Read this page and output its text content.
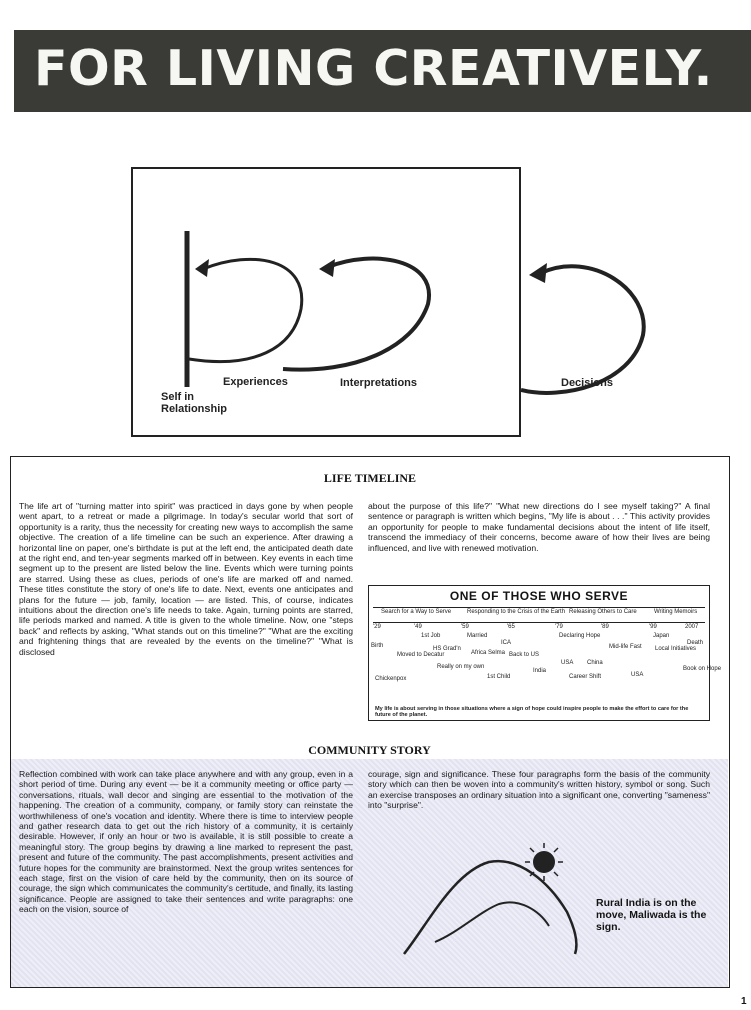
FOR LIVING CREATIVELY.
Self in
Relationship
Experiences	Interpretations	Decisions
LIFE TIMELINE
The life art of "turning matter into spirit" was practiced in days gone by when people went apart, to a retreat or made a pilgrimage. In today's secular world that sort of opportunity is a rarity, thus the necessity for creating new ways to accomplish the same objective. The creation of a life timeline can be such an experience. After drawing a horizontal line on paper, one's birthdate is put at the left end, the anticipated death date at the right end, and ten-year segments marked off in between. Key events in each time segment up to the present are listed below the line. Events which were turning points are starred. Using these as clues, periods of one's life are marked off and named. These titles constitute the story of one's life to date. Next, events one anticipates and plans for the future — job, family, location — are listed. This, of course, indicates intuitions about the direction one's life needs to take. Again, turning points are starred, life periods marked and named. A title is given to the whole timeline. Now, one "steps back" and reflects by asking, "What stands out on this timeline?" "What are the exciting and frightening things that are revealed by the events on the timeline?" "What is disclosed
about the purpose of this life?" "What new directions do I see myself taking?" A final sentence or paragraph is written which begins, "My life is about . . ." This activity provides an opportunity for people to make fundamental decisions about the intent of life itself, transcend the immediacy of their concerns, become aware of how their lives are being influenced, and live with renewed motivation.
ONE OF THOSE WHO SERVE
Search for a Way to Serve	Responding to the Crisis of the Earth Releasing Others to Care	Writing Memoirs
'29	'49	'59	'65	'79	'89	'99	2007
Birth
1st Job
Moved to Decatur
HS Grad'n
Really on my own
Chickenpox
Married
Africa Selma
1st Child
ICA
Back to US
India
Declaring Hope
USA China
Mid-life Fast
Career Shift
Japan
Local Initiatives
USA
Book on Hope
Death
My life is about serving in those situations where a sign of hope could inspire people to make the effort to care for the future of the planet.
COMMUNITY STORY
Reflection combined with work can take place anywhere and with any group, even in a short period of time. During any event — be it a community meeting or office party — conversations, rituals, wall decor and singing are essential to the motivation of the happening. The creation of a community, company, or family story can reinstate the worthwhileness of one's vocation and identity. Where there is time to interview people and gather research data to get out the rich history of a community, it is certainly desirable. However, if only an hour or two is available, it is still possible to create a meaningful story. The group begins by drawing a line marked to represent the past, present and future of the community. The past accomplishments, present activities and future hopes for the community are brainstormed. Next the group writes sentences for each stage, first on the vision of care held by the community, then on its source of courage, the sign which communicates the community's certitude, and finally, its lasting significance. People are assigned to take their sentences and write paragraphs: one each on the vision, source of
courage, sign and significance. These four paragraphs form the basis of the community story which can then be woven into a community's written history, symbol or song. Such an exercise transposes an ordinary situation into a significant one, converting "sameness" into "surprise".
Rural India is on the move, Maliwada is the sign.
1
